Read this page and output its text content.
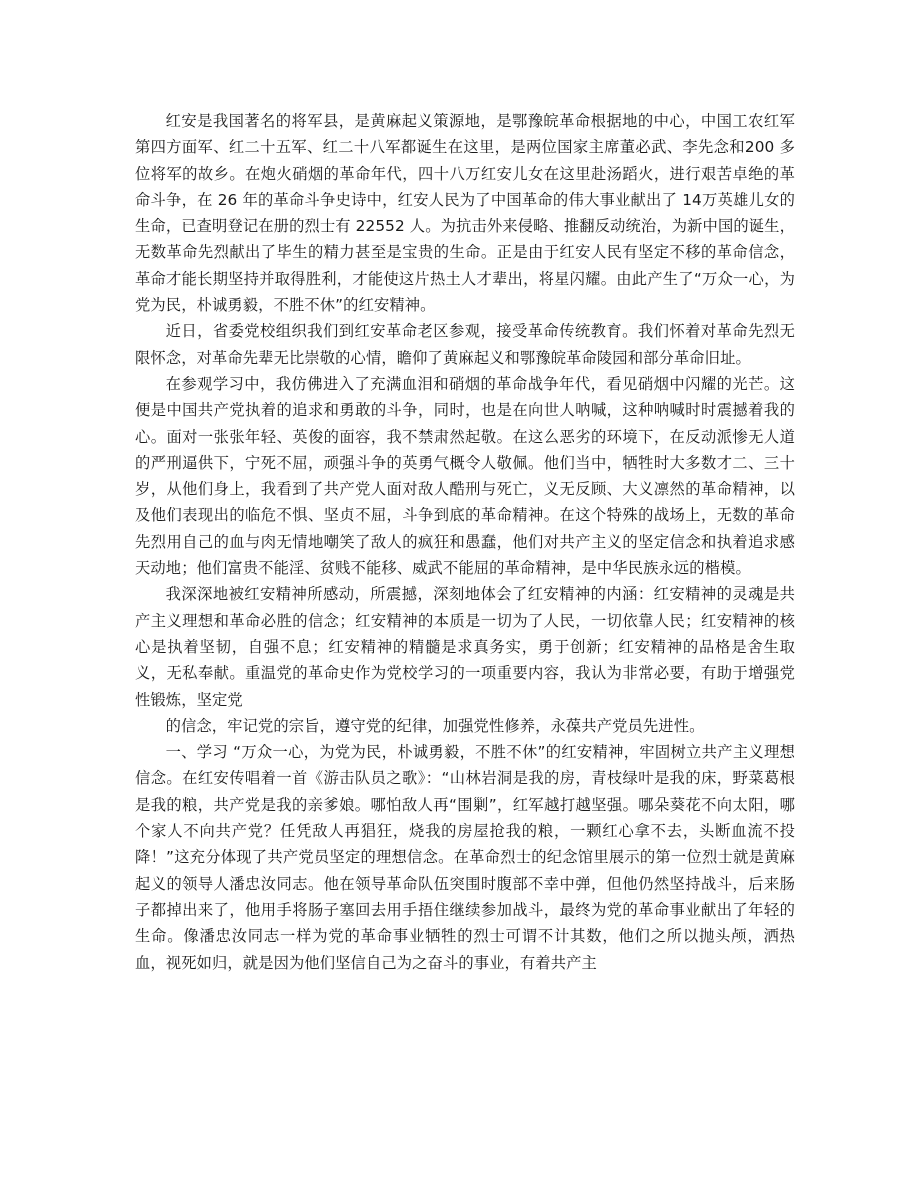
红安是我国著名的将军县，是黄麻起义策源地，是鄂豫皖革命根据地的中心，中国工农红军第四方面军、红二十五军、红二十八军都诞生在这里，是两位国家主席董必武、李先念和200 多位将军的故乡。在炮火硝烟的革命年代，四十八万红安儿女在这里赴汤蹈火，进行艰苦卓绝的革命斗争，在 26 年的革命斗争史诗中，红安人民为了中国革命的伟大事业献出了 14万英雄儿女的生命，已查明登记在册的烈士有 22552 人。为抗击外来侵略、推翻反动统治，为新中国的诞生，无数革命先烈献出了毕生的精力甚至是宝贵的生命。正是由于红安人民有坚定不移的革命信念，革命才能长期坚持并取得胜利，才能使这片热土人才辈出，将星闪耀。由此产生了“万众一心，为党为民，朴诚勇毅，不胜不休”的红安精神。

近日，省委党校组织我们到红安革命老区参观，接受革命传统教育。我们怀着对革命先烈无限怀念，对革命先辈无比崇敬的心情，瞻仰了黄麻起义和鄂豫皖革命陵园和部分革命旧址。

在参观学习中，我仿佛进入了充满血泪和硝烟的革命战争年代，看见硝烟中闪耀的光芒。这便是中国共产党执着的追求和勇敢的斗争，同时，也是在向世人呐喊，这种呐喊时时震撼着我的心。面对一张张年轻、英俊的面容，我不禁肃然起敬。在这么恶劣的环境下，在反动派惨无人道的严刑逼供下，宁死不屈，顽强斗争的英勇气概令人敬佩。他们当中，牺牲时大多数才二、三十岁，从他们身上，我看到了共产党人面对敌人酷刑与死亡，义无反顾、大义凛然的革命精神，以及他们表现出的临危不惧、坚贞不屈，斗争到底的革命精神。在这个特殊的战场上，无数的革命先烈用自己的血与肉无情地嘲笑了敌人的疯狂和愚蠢，他们对共产主义的坚定信念和执着追求感天动地；他们富贵不能淫、贫贱不能移、威武不能屈的革命精神，是中华民族永远的楷模。

我深深地被红安精神所感动，所震撼，深刻地体会了红安精神的内涵：红安精神的灵魂是共产主义理想和革命必胜的信念；红安精神的本质是一切为了人民，一切依靠人民；红安精神的核心是执着坚韧，自强不息；红安精神的精髓是求真务实，勇于创新；红安精神的品格是舍生取义，无私奉献。重温党的革命史作为党校学习的一项重要内容，我认为非常必要，有助于增强党性锻炼，坚定党

的信念，牢记党的宗旨，遵守党的纪律，加强党性修养，永葆共产党员先进性。

一、学习 “万众一心，为党为民，朴诚勇毅，不胜不休”的红安精神，牢固树立共产主义理想信念。在红安传唱着一首《游击队员之歌》：“山林岩洞是我的房，青枝绿叶是我的床，野菜葛根是我的粮，共产党是我的亲爹娘。哪怕敌人再“围剿”，红军越打越坚强。哪朵葵花不向太阳，哪个家人不向共产党？任凭敌人再猖狂，烧我的房屋抢我的粮，一颗红心拿不去，头断血流不投降！”这充分体现了共产党员坚定的理想信念。在革命烈士的纪念馆里展示的第一位烈士就是黄麻起义的领导人潘忠汝同志。他在领导革命队伍突围时腹部不幸中弹，但他仍然坚持战斗，后来肠子都掉出来了，他用手将肠子塞回去用手捂住继续参加战斗，最终为党的革命事业献出了年轻的生命。像潘忠汝同志一样为党的革命事业牺牲的烈士可谓不计其数，他们之所以抛头颅，洒热血，视死如归，就是因为他们坚信自己为之奋斗的事业，有着共产主
